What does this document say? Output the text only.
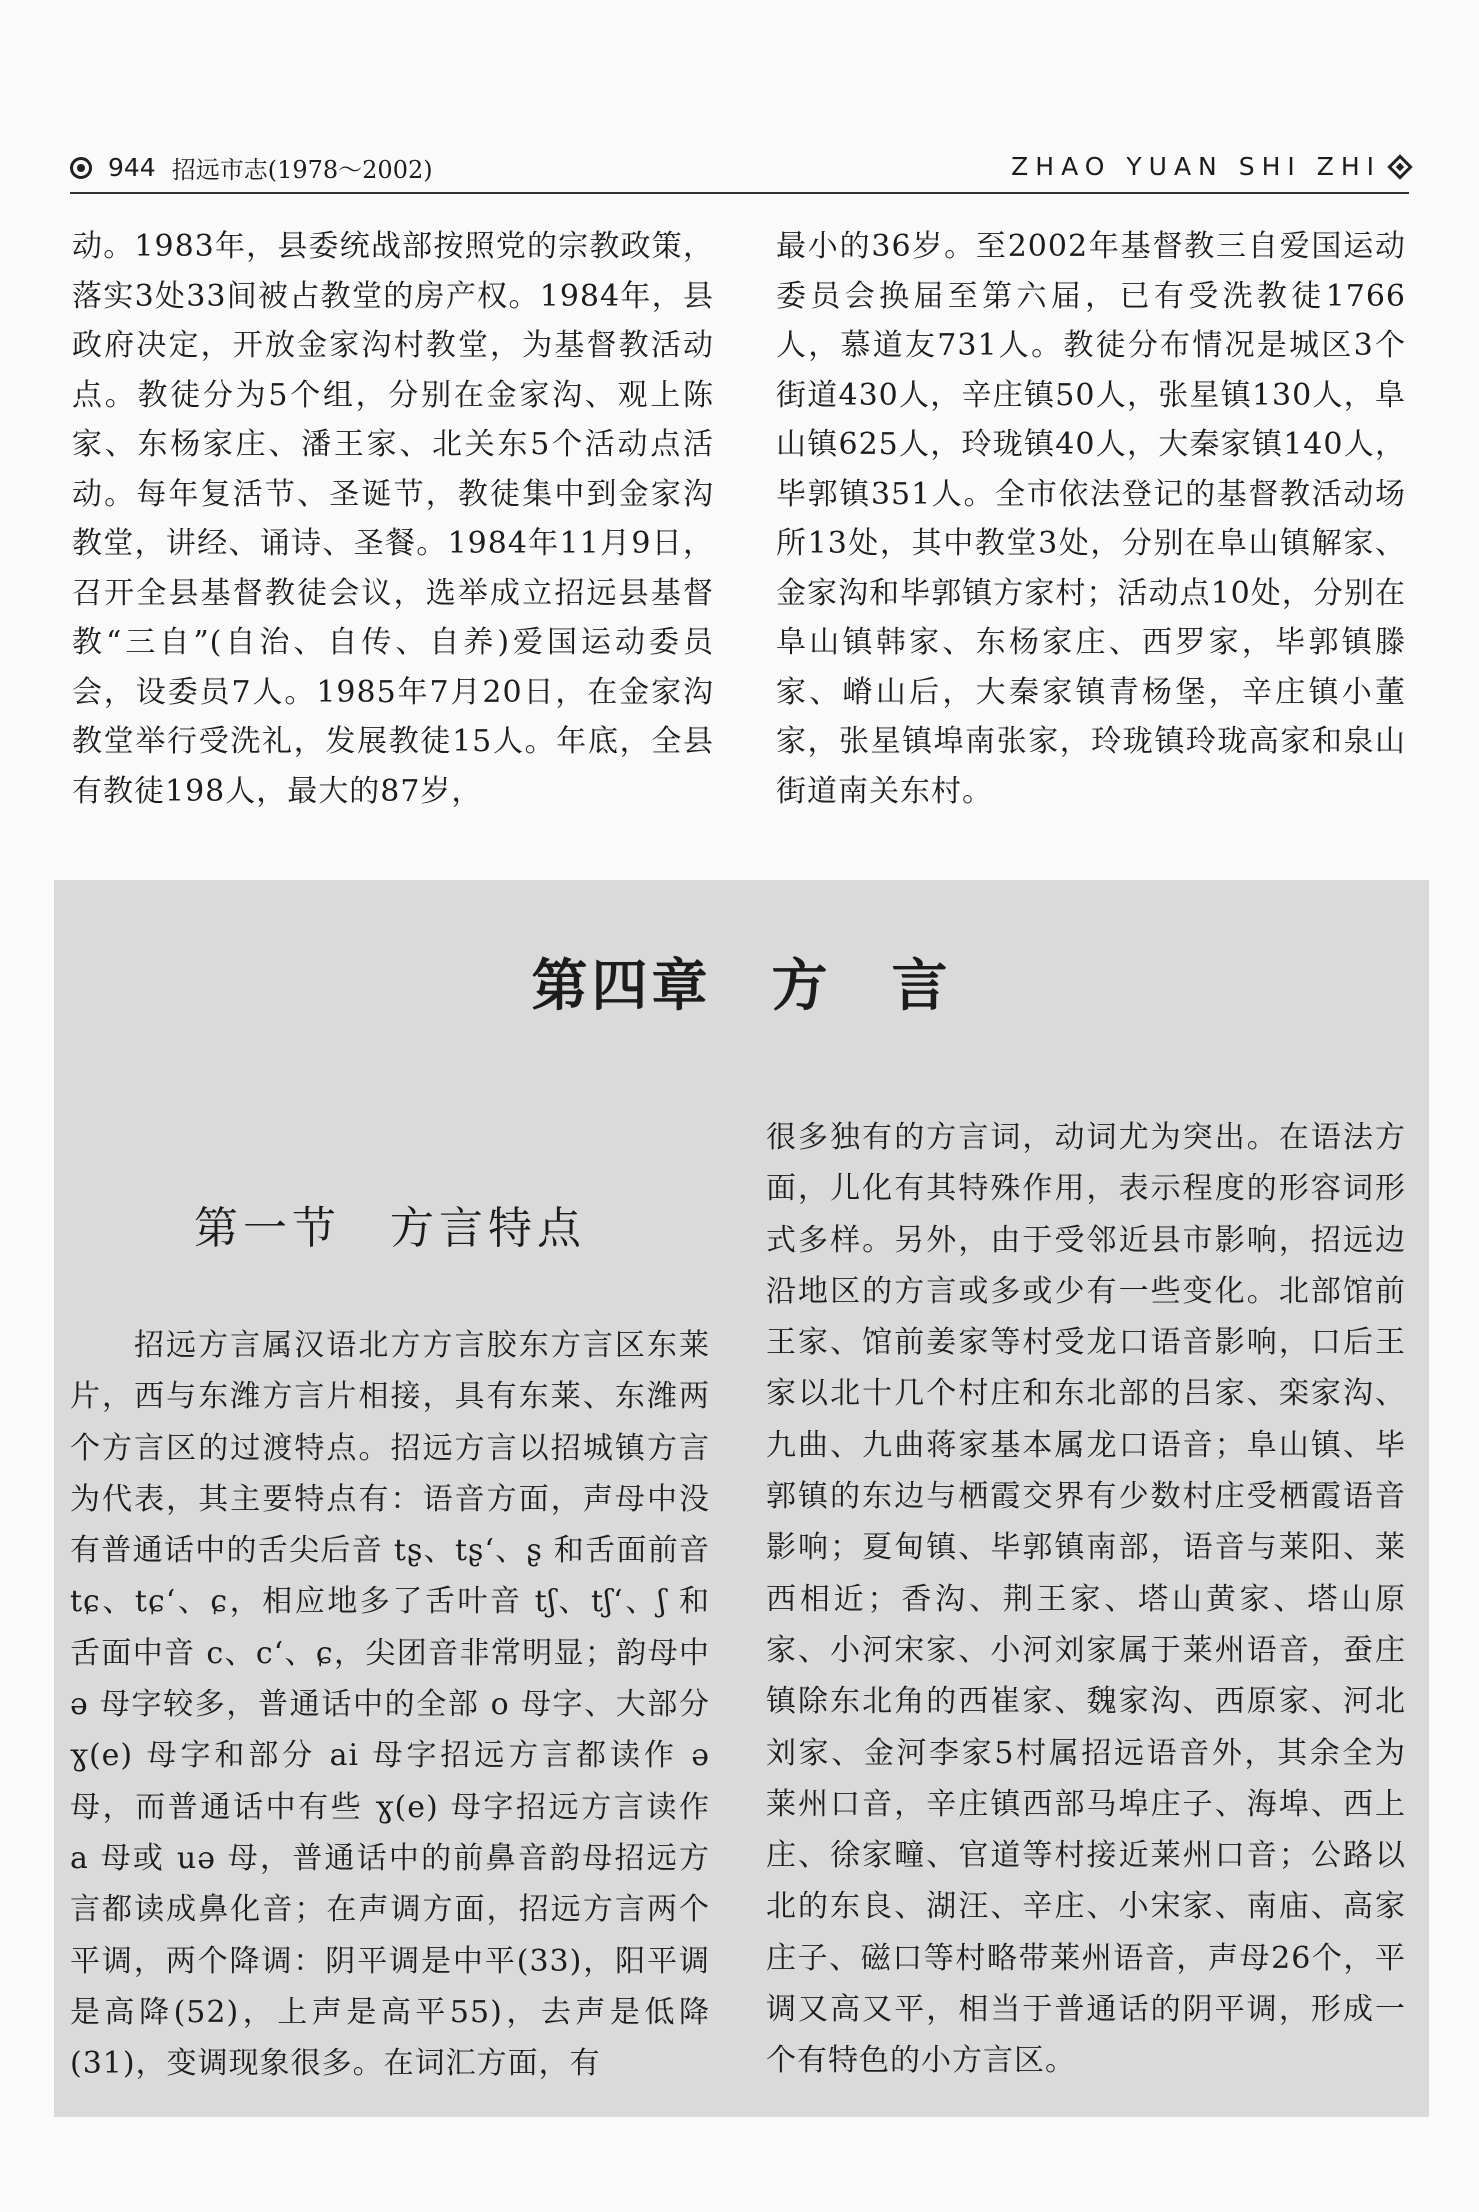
944 招远市志(1978～2002)	ZHAO YUAN SHI ZHI

动。1983年，县委统战部按照党的宗教政策，落实3处33间被占教堂的房产权。1984年，县政府决定，开放金家沟村教堂，为基督教活动点。教徒分为5个组，分别在金家沟、观上陈家、东杨家庄、潘王家、北关东5个活动点活动。每年复活节、圣诞节，教徒集中到金家沟教堂，讲经、诵诗、圣餐。1984年11月9日，召开全县基督教徒会议，选举成立招远县基督教“三自”(自治、自传、自养)爱国运动委员会，设委员7人。1985年7月20日，在金家沟教堂举行受洗礼，发展教徒15人。年底，全县有教徒198人，最大的87岁，

最小的36岁。至2002年基督教三自爱国运动委员会换届至第六届，已有受洗教徒1766人，慕道友731人。教徒分布情况是城区3个街道430人，辛庄镇50人，张星镇130人，阜山镇625人，玲珑镇40人，大秦家镇140人，毕郭镇351人。全市依法登记的基督教活动场所13处，其中教堂3处，分别在阜山镇解家、金家沟和毕郭镇方家村；活动点10处，分别在阜山镇韩家、东杨家庄、西罗家，毕郭镇滕家、嵴山后，大秦家镇青杨堡，辛庄镇小董家，张星镇埠南张家，玲珑镇玲珑高家和泉山街道南关东村。

第四章　方　言
第一节　方言特点

招远方言属汉语北方方言胶东方言区东莱片，西与东潍方言片相接，具有东莱、东潍两个方言区的过渡特点。招远方言以招城镇方言为代表，其主要特点有：语音方面，声母中没有普通话中的舌尖后音 tʂ、tʂʻ、ʂ 和舌面前音 tɕ、tɕʻ、ɕ，相应地多了舌叶音 tʃ、tʃʻ、ʃ 和舌面中音 c、cʻ、ɕ，尖团音非常明显；韵母中 ə 母字较多，普通话中的全部 o 母字、大部分 ɣ(e) 母字和部分 ai 母字招远方言都读作 ə 母，而普通话中有些 ɣ(e) 母字招远方言读作 a 母或 uə 母，普通话中的前鼻音韵母招远方言都读成鼻化音；在声调方面，招远方言两个平调，两个降调：阴平调是中平(33)，阳平调是高降(52)，上声是高平55)，去声是低降(31)，变调现象很多。在词汇方面，有

很多独有的方言词，动词尤为突出。在语法方面，儿化有其特殊作用，表示程度的形容词形式多样。另外，由于受邻近县市影响，招远边沿地区的方言或多或少有一些变化。北部馆前王家、馆前姜家等村受龙口语音影响，口后王家以北十几个村庄和东北部的吕家、栾家沟、九曲、九曲蒋家基本属龙口语音；阜山镇、毕郭镇的东边与栖霞交界有少数村庄受栖霞语音影响；夏甸镇、毕郭镇南部，语音与莱阳、莱西相近；香沟、荆王家、塔山黄家、塔山原家、小河宋家、小河刘家属于莱州语音，蚕庄镇除东北角的西崔家、魏家沟、西原家、河北刘家、金河李家5村属招远语音外，其余全为莱州口音，辛庄镇西部马埠庄子、海埠、西上庄、徐家疃、官道等村接近莱州口音；公路以北的东良、湖汪、辛庄、小宋家、南庙、高家庄子、磁口等村略带莱州语音，声母26个，平调又高又平，相当于普通话的阴平调，形成一个有特色的小方言区。
